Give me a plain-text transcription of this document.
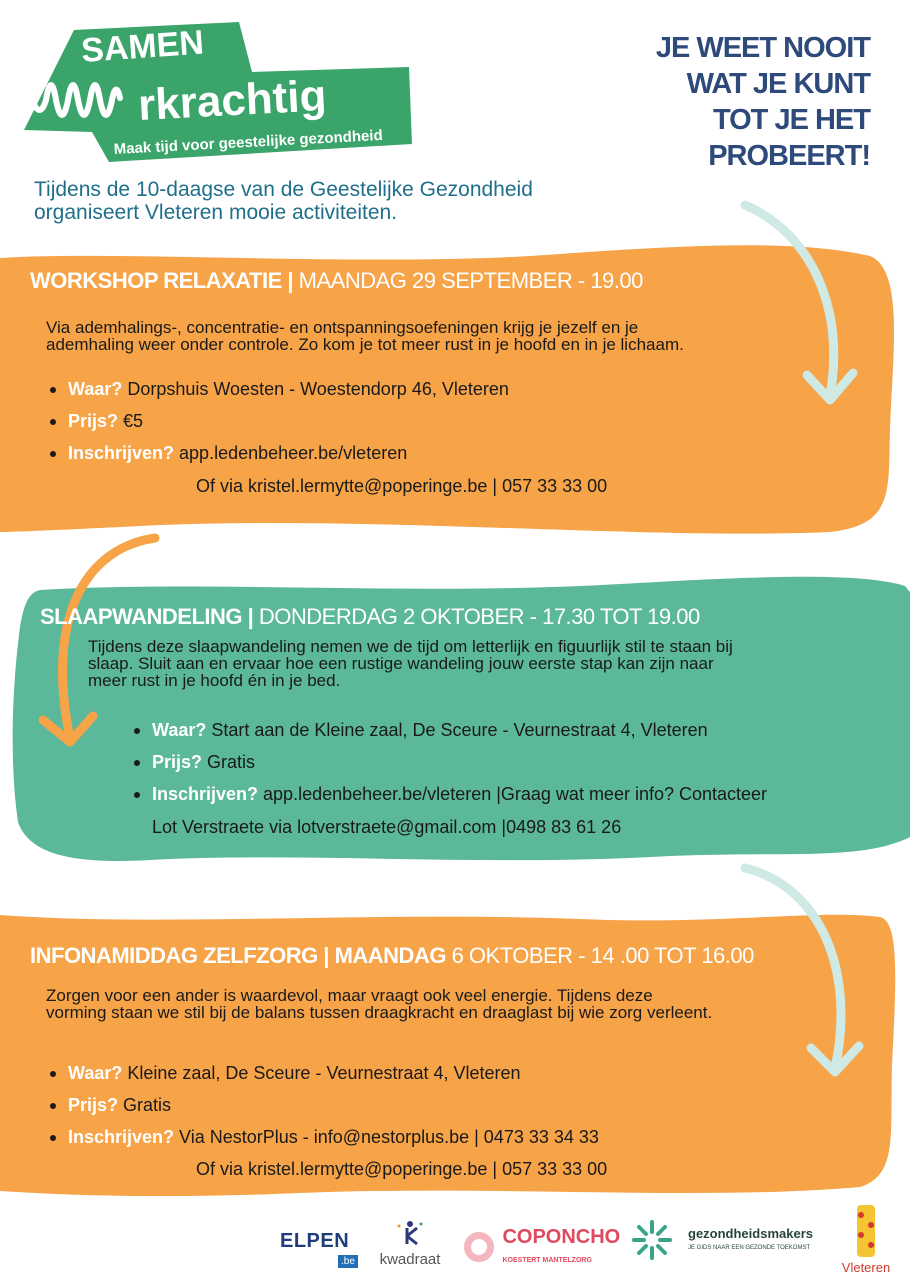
SAMEN
rkrachtig
Maak tijd voor geestelijke gezondheid
JE WEET NOOIT
WAT JE KUNT
TOT JE HET
PROBEERT!
Tijdens de 10-daagse van de Geestelijke Gezondheid
organiseert Vleteren mooie activiteiten.
WORKSHOP RELAXATIE | MAANDAG 29 SEPTEMBER - 19.00
Via ademhalings-, concentratie- en ontspanningsoefeningen krijg je jezelf en je
ademhaling weer onder controle. Zo kom je tot meer rust in je hoofd en in je lichaam.
Waar? Dorpshuis Woesten - Woestendorp 46, Vleteren
Prijs? €5
Inschrijven? app.ledenbeheer.be/vleteren
Of via kristel.lermytte@poperinge.be | 057 33 33 00
SLAAPWANDELING | DONDERDAG 2 OKTOBER - 17.30 TOT 19.00
Tijdens deze slaapwandeling nemen we de tijd om letterlijk en figuurlijk stil te staan bij
slaap. Sluit aan en ervaar hoe een rustige wandeling jouw eerste stap kan zijn naar
meer rust in je hoofd én in je bed.
Waar? Start aan de Kleine zaal, De Sceure - Veurnestraat 4, Vleteren
Prijs? Gratis
Inschrijven? app.ledenbeheer.be/vleteren |Graag wat meer info? Contacteer
Lot Verstraete via lotverstraete@gmail.com |0498 83 61 26
INFONAMIDDAG ZELFZORG | MAANDAG 6 OKTOBER - 14 .00 TOT 16.00
Zorgen voor een ander is waardevol, maar vraagt ook veel energie. Tijdens deze
vorming staan we stil bij de balans tussen draagkracht en draaglast bij wie zorg verleent.
Waar? Kleine zaal, De Sceure - Veurnestraat 4, Vleteren
Prijs? Gratis
Inschrijven? Via NestorPlus - info@nestorplus.be | 0473 33 34 33
Of via kristel.lermytte@poperinge.be | 057 33 33 00
ELPEN
.be	kwadraat
COPONCHO
KOESTERT MANTELZORG
gezondheidsmakers
JE GIDS NAAR EEN GEZONDE TOEKOMST
Vleteren
